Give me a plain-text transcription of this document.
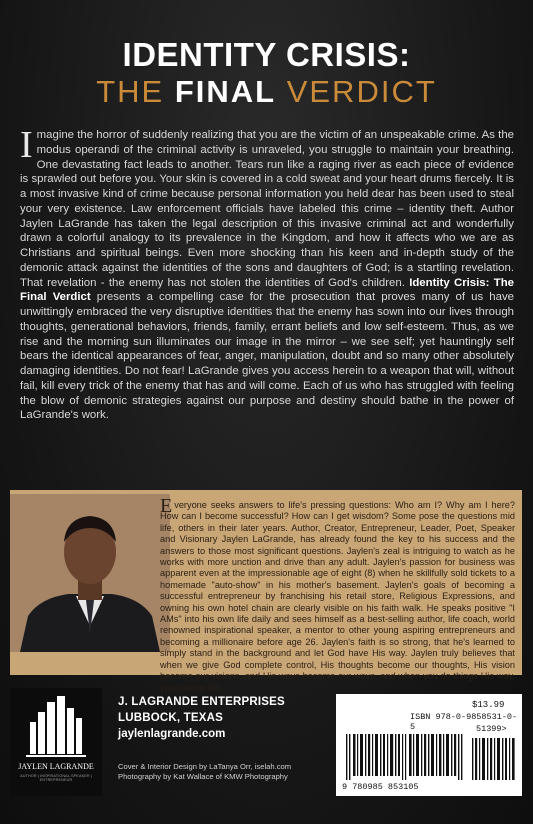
IDENTITY CRISIS:
THE FINAL VERDICT

Imagine the horror of suddenly realizing that you are the victim of an unspeakable crime. As the modus operandi of the criminal activity is unraveled, you struggle to maintain your breathing. One devastating fact leads to another. Tears run like a raging river as each piece of evidence is sprawled out before you. Your skin is covered in a cold sweat and your heart drums fiercely. It is a most invasive kind of crime because personal information you held dear has been used to steal your very existence. Law enforcement officials have labeled this crime – identity theft. Author Jaylen LaGrande has taken the legal description of this invasive criminal act and wonderfully drawn a colorful analogy to its prevalence in the Kingdom, and how it affects who we are as Christians and spiritual beings. Even more shocking than his keen and in-depth study of the demonic attack against the identities of the sons and daughters of God; is a startling revelation. That revelation - the enemy has not stolen the identities of God's children. Identity Crisis: The Final Verdict presents a compelling case for the prosecution that proves many of us have unwittingly embraced the very disruptive identities that the enemy has sown into our lives through thoughts, generational behaviors, friends, family, errant beliefs and low self-esteem. Thus, as we rise and the morning sun illuminates our image in the mirror – we see self; yet hauntingly self bears the identical appearances of fear, anger, manipulation, doubt and so many other absolutely damaging identities. Do not fear! LaGrande gives you access herein to a weapon that will, without fail, kill every trick of the enemy that has and will come. Each of us who has struggled with feeling the blow of demonic strategies against our purpose and destiny should bathe in the power of LaGrande's work.

Everyone seeks answers to life's pressing questions: Who am I? Why am I here? How can I become successful? How can I get wisdom? Some pose the questions mid life, others in their later years. Author, Creator, Entrepreneur, Leader, Poet, Speaker and Visionary Jaylen LaGrande, has already found the key to his success and the answers to those most significant questions. Jaylen's zeal is intriguing to watch as he works with more unction and drive than any adult. Jaylen's passion for business was apparent even at the impressionable age of eight (8) when he skillfully sold tickets to a homemade "auto-show" in his mother's basement. Jaylen's goals of becoming a successful entrepreneur by franchising his retail store, Religious Expressions, and owning his own hotel chain are clearly visible on his faith walk. He speaks positive "I AMs" into his own life daily and sees himself as a best-selling author, life coach, world renowned inspirational speaker, a mentor to other young aspiring entrepreneurs and becoming a millionaire before age 26. Jaylen's faith is so strong, that he's learned to simply stand in the background and let God have His way. Jaylen truly believes that when we give God complete control, His thoughts become our thoughts, His vision become our visions, and His ways become our ways, and when you do things His way, you cannot fail.
JAYLEN LAGRANDE
AUTHOR | INSPIRATIONAL SPEAKER | ENTREPRENEUR
J. LAGRANDE ENTERPRISES
LUBBOCK, TEXAS
jaylenlagrande.com
Cover & Interior Design by LaTanya Orr, iselah.com
Photography by Kat Wallace of KMW Photography
$13.99
ISBN 978-0-9858531-0-5	51399>
9 780985 853105
